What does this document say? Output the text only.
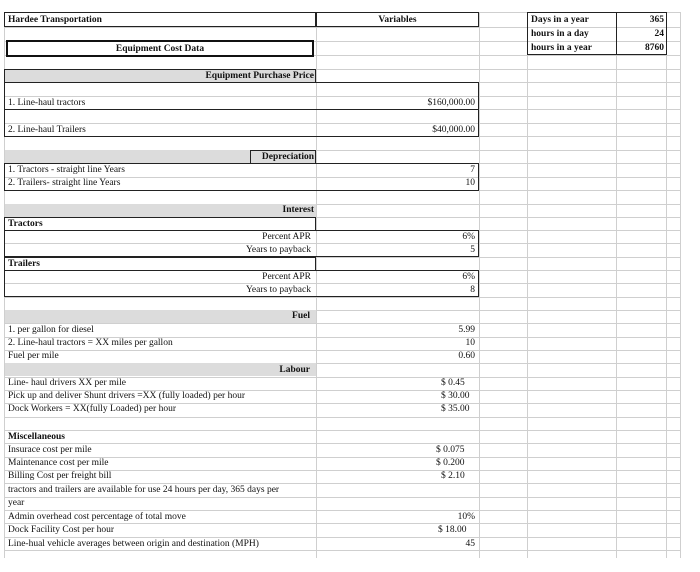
Hardee Transportation	Variables
Equipment Cost Data
Days in a year	365
hours in a day	24
hours in a year	8760
Equipment Purchase Price
1. Line-haul tractors	$160,000.00
2. Line-haul Trailers	$40,000.00
Depreciation
1. Tractors - straight line Years	7
2. Trailers- straight line Years	10
Interest
Tractors
Percent APR	6%
Years to payback	5
Trailers
Percent APR	6%
Years to payback	8
Fuel
1. per gallon for diesel	5.99
2. Line-haul tractors = XX miles per gallon	10
Fuel per mile	0.60
Labour
Line- haul drivers XX per mile	$ 0.45
Pick up and deliver Shunt drivers =XX (fully loaded) per hour	$ 30.00
Dock Workers = XX(fully Loaded) per hour	$ 35.00
Miscellaneous
Insurace cost per mile	$ 0.075
Maintenance cost per mile	$ 0.200
Billing Cost per freight bill	$ 2.10
tractors and trailers are available for use 24 hours per day, 365 days per
year
Admin overhead cost percentage of total move	10%
Dock Facility Cost per hour	$ 18.00
Line-hual vehicle averages between origin and destination (MPH)	45
